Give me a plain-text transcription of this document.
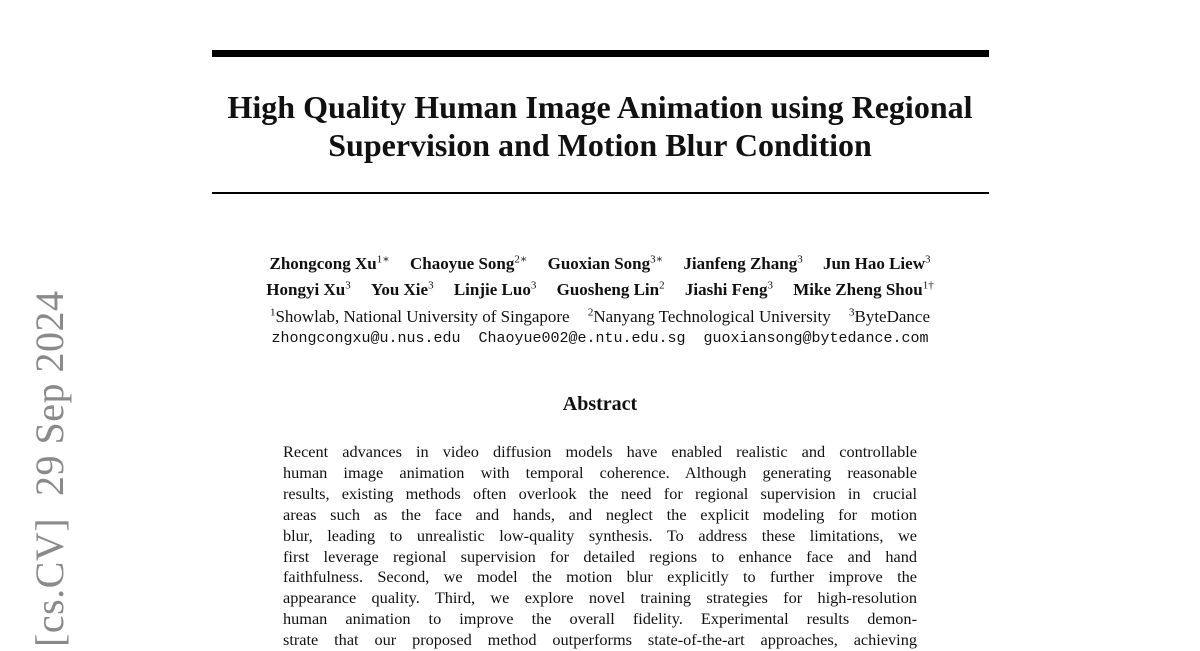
[cs.CV]29 Sep 2024
High Quality Human Image Animation using Regional
Supervision and Motion Blur Condition
Zhongcong $Xu^{1∗}$ Chaoyue Song$^{2∗}$ Guoxian Song$^{3∗}$ Jianfeng Zhang$^3$ Jun Hao Liew$^3$
Hongyi Xu$^3$ You Xie$^3$ Linjie Luo$^3$ Guosheng Lin$^2$ Jiashi Feng$^3$ Mike Zheng Shou$^{1\dagger}$
$^1$Showlab, National University of Singapore $^2$Nanyang Technological University $^3$ByteDance
zhongcongxu@u.nus.edu Chaoyue002@e.ntu.edu.sg guoxiansong@bytedance.com
Abstract
Recent advances in video diffusion models have enabled realistic and controllable
human image animation with temporal coherence. Although generating reasonable
results, existing methods often overlook the need for regional supervision in crucial
areas such as the face and hands, and neglect the explicit modeling for motion
blur, leading to unrealistic low-quality synthesis. To address these limitations, we
first leverage regional supervision for detailed regions to enhance face and hand
faithfulness. Second, we model the motion blur explicitly to further improve the
appearance quality. Third, we explore novel training strategies for high-resolution
human animation to improve the overall fidelity. Experimental results demon-
strate that our proposed method outperforms state-of-the-art approaches, achieving
